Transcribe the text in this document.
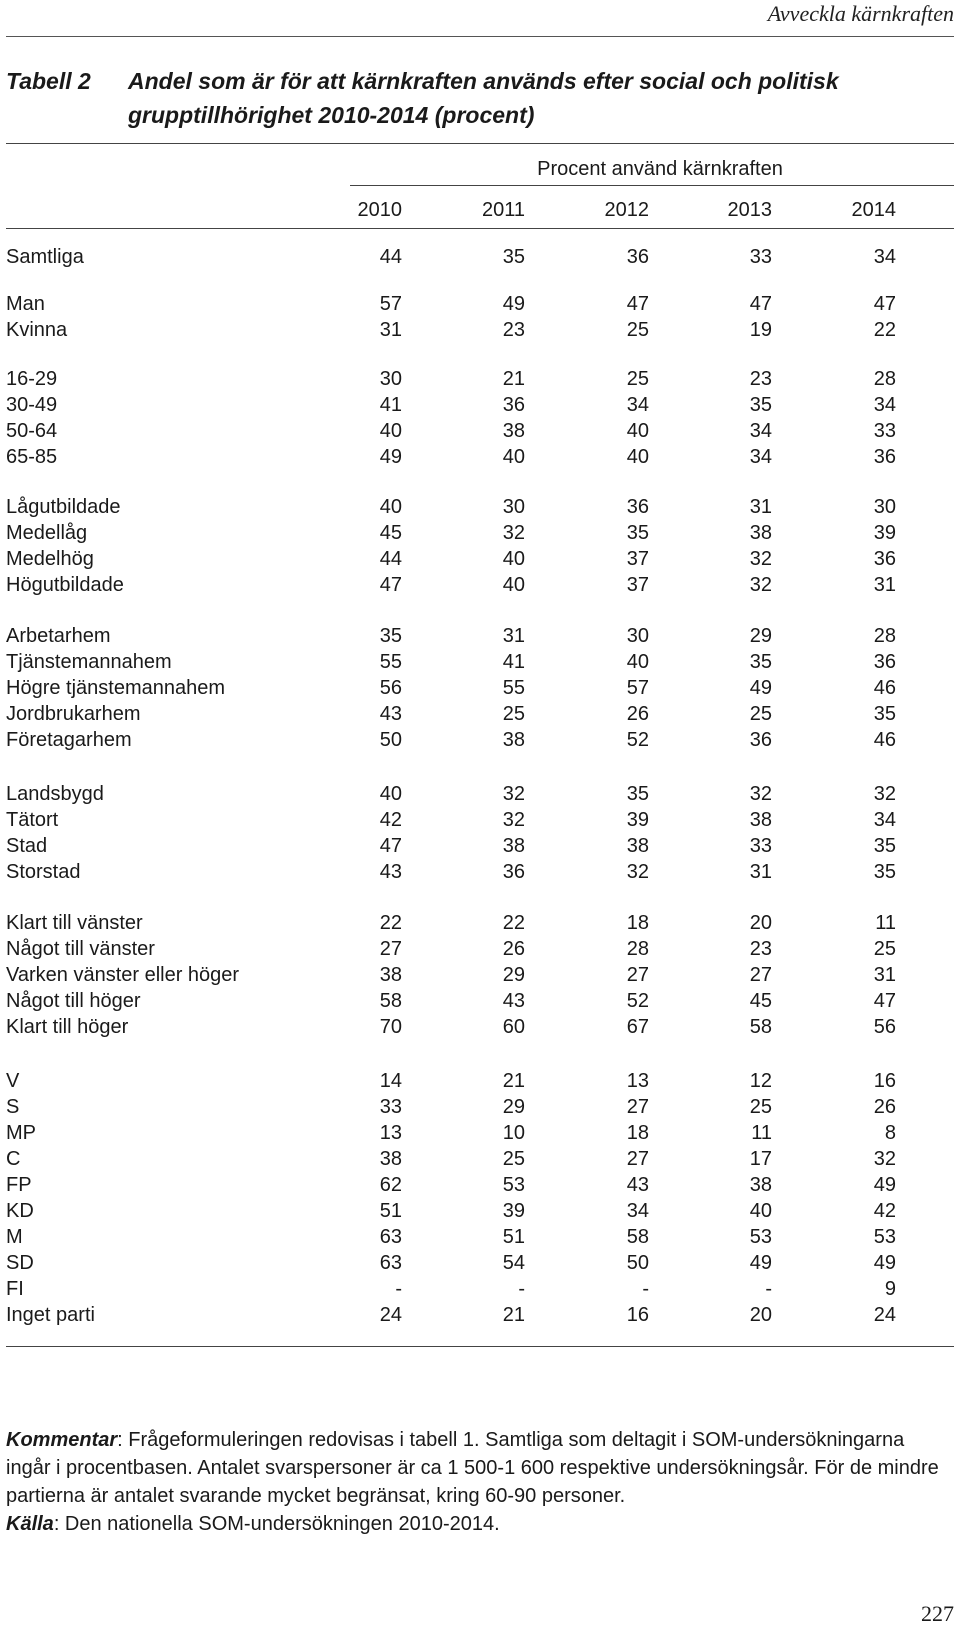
Avveckla kärnkraften
Tabell 2 Andel som är för att kärnkraften används efter social och politisk grupptillhörighet 2010-2014 (procent)
Procent använd kärnkraften
2010	2011	2012	2013	2014
Samtliga	44	35	36	33	34
Man	57	49	47	47	47
Kvinna	31	23	25	19	22
16-29	30	21	25	23	28
30-49	41	36	34	35	34
50-64	40	38	40	34	33
65-85	49	40	40	34	36
Lågutbildade	40	30	36	31	30
Medellåg	45	32	35	38	39
Medelhög	44	40	37	32	36
Högutbildade	47	40	37	32	31
Arbetarhem	35	31	30	29	28
Tjänstemannahem	55	41	40	35	36
Högre tjänstemannahem	56	55	57	49	46
Jordbrukarhem	43	25	26	25	35
Företagarhem	50	38	52	36	46
Landsbygd	40	32	35	32	32
Tätort	42	32	39	38	34
Stad	47	38	38	33	35
Storstad	43	36	32	31	35
Klart till vänster	22	22	18	20	11
Något till vänster	27	26	28	23	25
Varken vänster eller höger	38	29	27	27	31
Något till höger	58	43	52	45	47
Klart till höger	70	60	67	58	56
V	14	21	13	12	16
S	33	29	27	25	26
MP	13	10	18	11	8
C	38	25	27	17	32
FP	62	53	43	38	49
KD	51	39	34	40	42
M	63	51	58	53	53
SD	63	54	50	49	49
FI	-	-	-	-	9
Inget parti	24	21	16	20	24

Kommentar: Frågeformuleringen redovisas i tabell 1. Samtliga som deltagit i SOM-undersökningarna ingår i procentbasen. Antalet svarspersoner är ca 1 500-1 600 respektive undersökningsår. För de mindre partierna är antalet svarande mycket begränsat, kring 60-90 personer.

Källa: Den nationella SOM-undersökningen 2010-2014.

227
